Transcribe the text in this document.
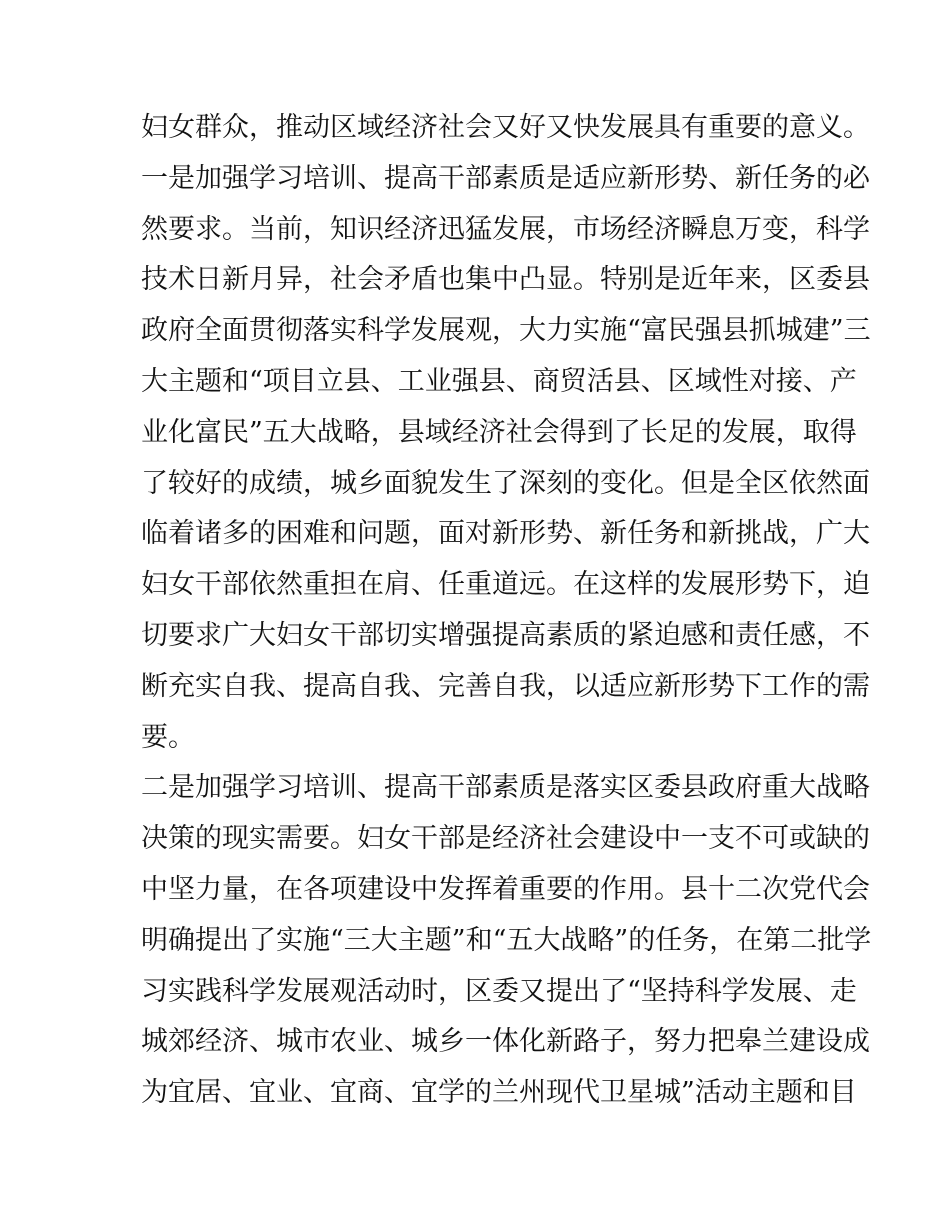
妇女群众，推动区域经济社会又好又快发展具有重要的意义。
一是加强学习培训、提高干部素质是适应新形势、新任务的必
然要求。当前，知识经济迅猛发展，市场经济瞬息万变，科学
技术日新月异，社会矛盾也集中凸显。特别是近年来，区委县
政府全面贯彻落实科学发展观，大力实施“富民强县抓城建”三
大主题和“项目立县、工业强县、商贸活县、区域性对接、产
业化富民”五大战略，县域经济社会得到了长足的发展，取得
了较好的成绩，城乡面貌发生了深刻的变化。但是全区依然面
临着诸多的困难和问题，面对新形势、新任务和新挑战，广大
妇女干部依然重担在肩、任重道远。在这样的发展形势下，迫
切要求广大妇女干部切实增强提高素质的紧迫感和责任感，不
断充实自我、提高自我、完善自我，以适应新形势下工作的需
要。
二是加强学习培训、提高干部素质是落实区委县政府重大战略
决策的现实需要。妇女干部是经济社会建设中一支不可或缺的
中坚力量，在各项建设中发挥着重要的作用。县十二次党代会
明确提出了实施“三大主题”和“五大战略”的任务，在第二批学
习实践科学发展观活动时，区委又提出了“坚持科学发展、走
城郊经济、城市农业、城乡一体化新路子，努力把皋兰建设成
为宜居、宜业、宜商、宜学的兰州现代卫星城”活动主题和目
